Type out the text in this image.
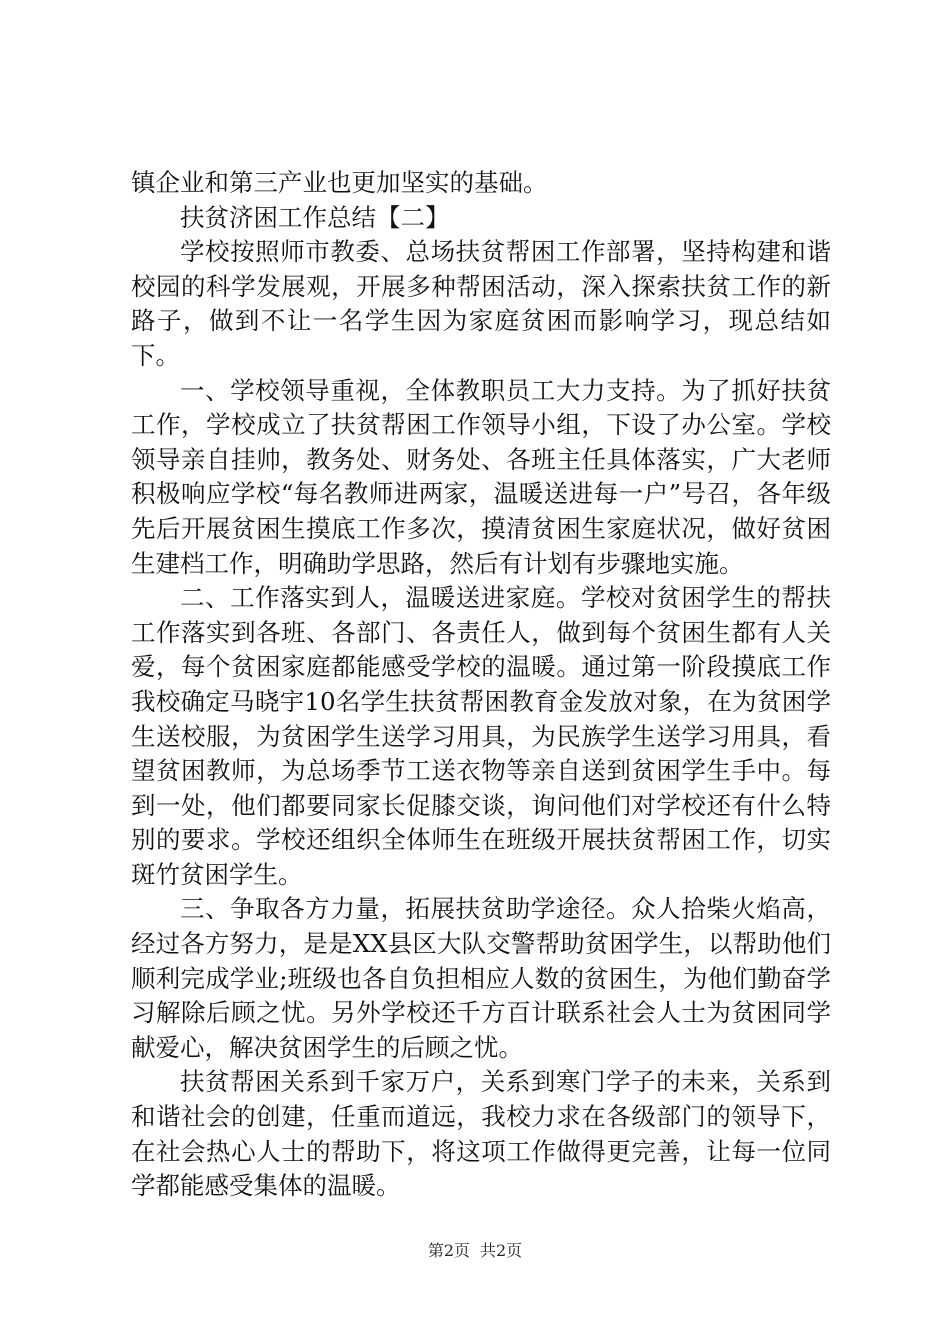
镇企业和第三产业也更加坚实的基础。

扶贫济困工作总结【二】

学校按照师市教委、总场扶贫帮困工作部署，坚持构建和谐校园的科学发展观，开展多种帮困活动，深入探索扶贫工作的新路子，做到不让一名学生因为家庭贫困而影响学习，现总结如下。

一、学校领导重视，全体教职员工大力支持。为了抓好扶贫工作，学校成立了扶贫帮困工作领导小组，下设了办公室。学校领导亲自挂帅，教务处、财务处、各班主任具体落实，广大老师积极响应学校“每名教师进两家，温暖送进每一户”号召，各年级先后开展贫困生摸底工作多次，摸清贫困生家庭状况，做好贫困生建档工作，明确助学思路，然后有计划有步骤地实施。

二、工作落实到人，温暖送进家庭。学校对贫困学生的帮扶工作落实到各班、各部门、各责任人，做到每个贫困生都有人关爱，每个贫困家庭都能感受学校的温暖。通过第一阶段摸底工作我校确定马晓宇10名学生扶贫帮困教育金发放对象，在为贫困学生送校服，为贫困学生送学习用具，为民族学生送学习用具，看望贫困教师，为总场季节工送衣物等亲自送到贫困学生手中。每到一处，他们都要同家长促膝交谈，询问他们对学校还有什么特别的要求。学校还组织全体师生在班级开展扶贫帮困工作，切实斑竹贫困学生。

三、争取各方力量，拓展扶贫助学途径。众人拾柴火焰高，经过各方努力，是是XX县区大队交警帮助贫困学生，以帮助他们顺利完成学业;班级也各自负担相应人数的贫困生，为他们勤奋学习解除后顾之忧。另外学校还千方百计联系社会人士为贫困同学献爱心，解决贫困学生的后顾之忧。

扶贫帮困关系到千家万户，关系到寒门学子的未来，关系到和谐社会的创建，任重而道远，我校力求在各级部门的领导下，在社会热心人士的帮助下，将这项工作做得更完善，让每一位同学都能感受集体的温暖。

第2页 共2页
